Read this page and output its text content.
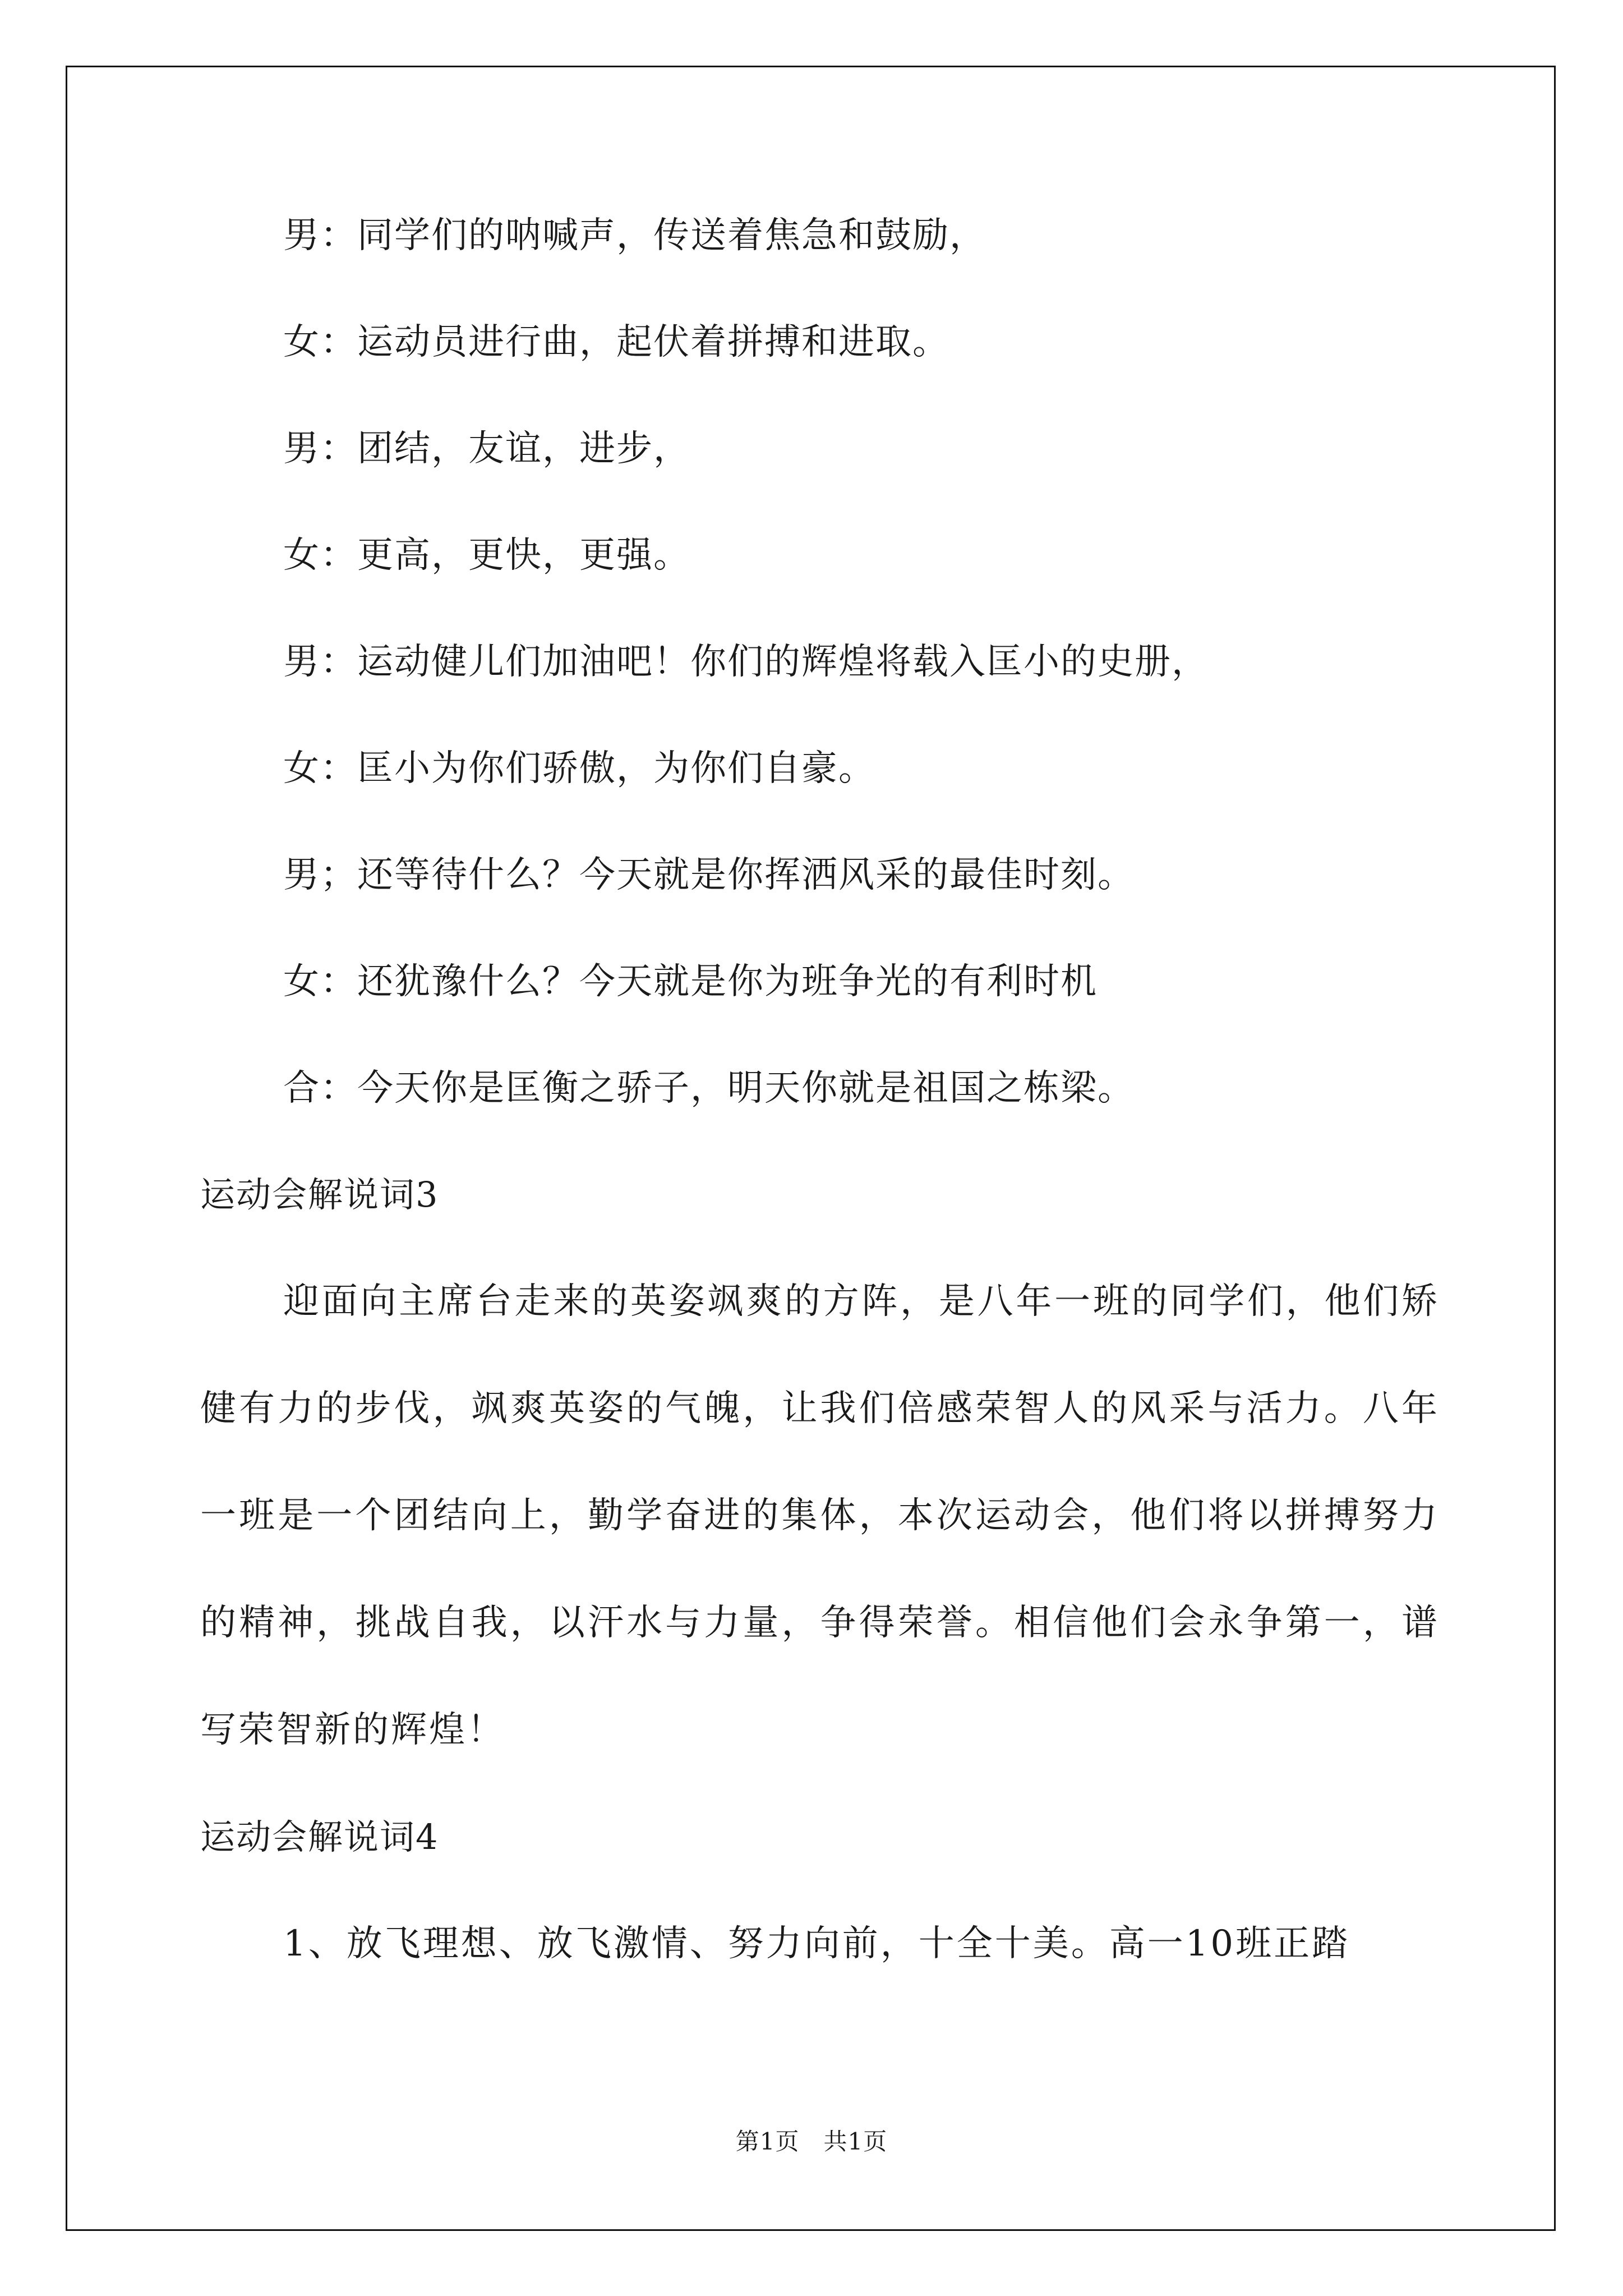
男：同学们的呐喊声，传送着焦急和鼓励，
女：运动员进行曲，起伏着拼搏和进取。
男：团结，友谊，进步，
女：更高，更快，更强。
男：运动健儿们加油吧！你们的辉煌将载入匡小的史册，
女：匡小为你们骄傲，为你们自豪。
男；还等待什么？今天就是你挥洒风采的最佳时刻。
女：还犹豫什么？今天就是你为班争光的有利时机
合：今天你是匡衡之骄子，明天你就是祖国之栋梁。
运动会解说词3
迎面向主席台走来的英姿飒爽的方阵，是八年一班的同学们，他们矫健有力的步伐，飒爽英姿的气魄，让我们倍感荣智人的风采与活力。八年一班是一个团结向上，勤学奋进的集体，本次运动会，他们将以拼搏努力的精神，挑战自我，以汗水与力量，争得荣誉。相信他们会永争第一，谱写荣智新的辉煌！
运动会解说词4
1、放飞理想、放飞激情、努力向前，十全十美。高一10班正踏
第1页　共1页
